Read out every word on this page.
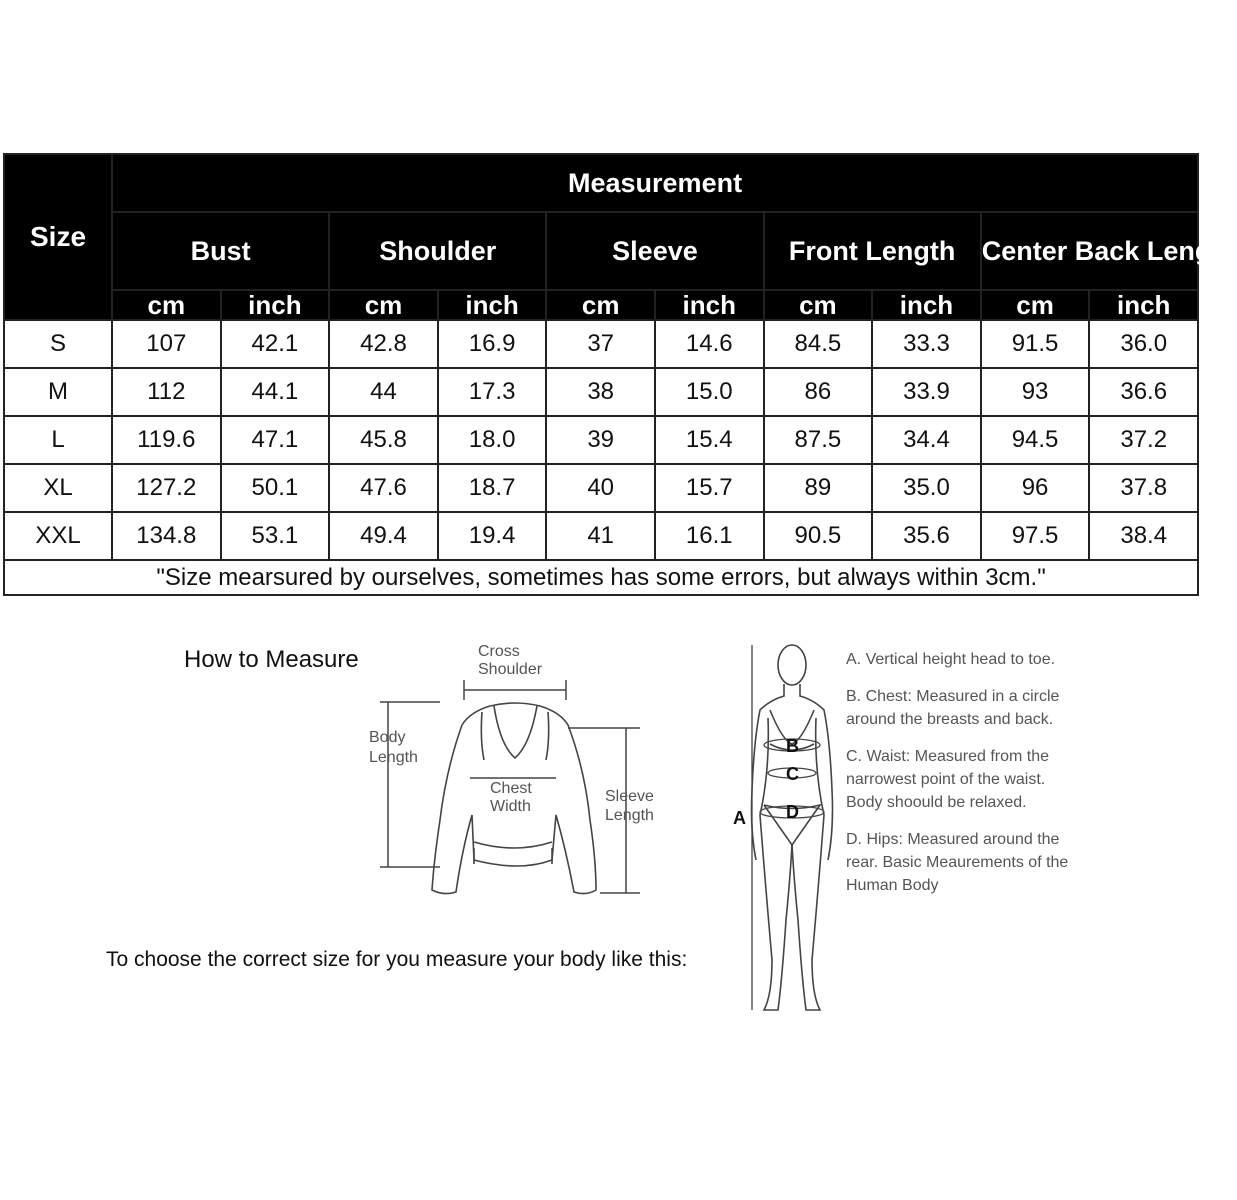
Size	Measurement									
	Bust		Shoulder		Sleeve		Front Length		Center Back Length	
	cm	inch	cm	inch	cm	inch	cm	inch	cm	inch
S	107	42.1	42.8	16.9	37	14.6	84.5	33.3	91.5	36.0
M	112	44.1	44	17.3	38	15.0	86	33.9	93	36.6
L	119.6	47.1	45.8	18.0	39	15.4	87.5	34.4	94.5	37.2
XL	127.2	50.1	47.6	18.7	40	15.7	89	35.0	96	37.8
XXL	134.8	53.1	49.4	19.4	41	16.1	90.5	35.6	97.5	38.4
"Size mearsured by ourselves, sometimes has some errors, but always within 3cm."										
How to Measure	Cross
Shoulder
Body
Length
Chest
Width
Sleeve
Length
B
C
D
A
To choose the correct size for you measure your body like this:

A. Vertical height head to toe.

B. Chest: Measured in a circle around the breasts and back.

C. Waist: Measured from the narrowest point of the waist. Body shoould be relaxed.

D. Hips: Measured around the rear. Basic Meaurements of the Human Body
